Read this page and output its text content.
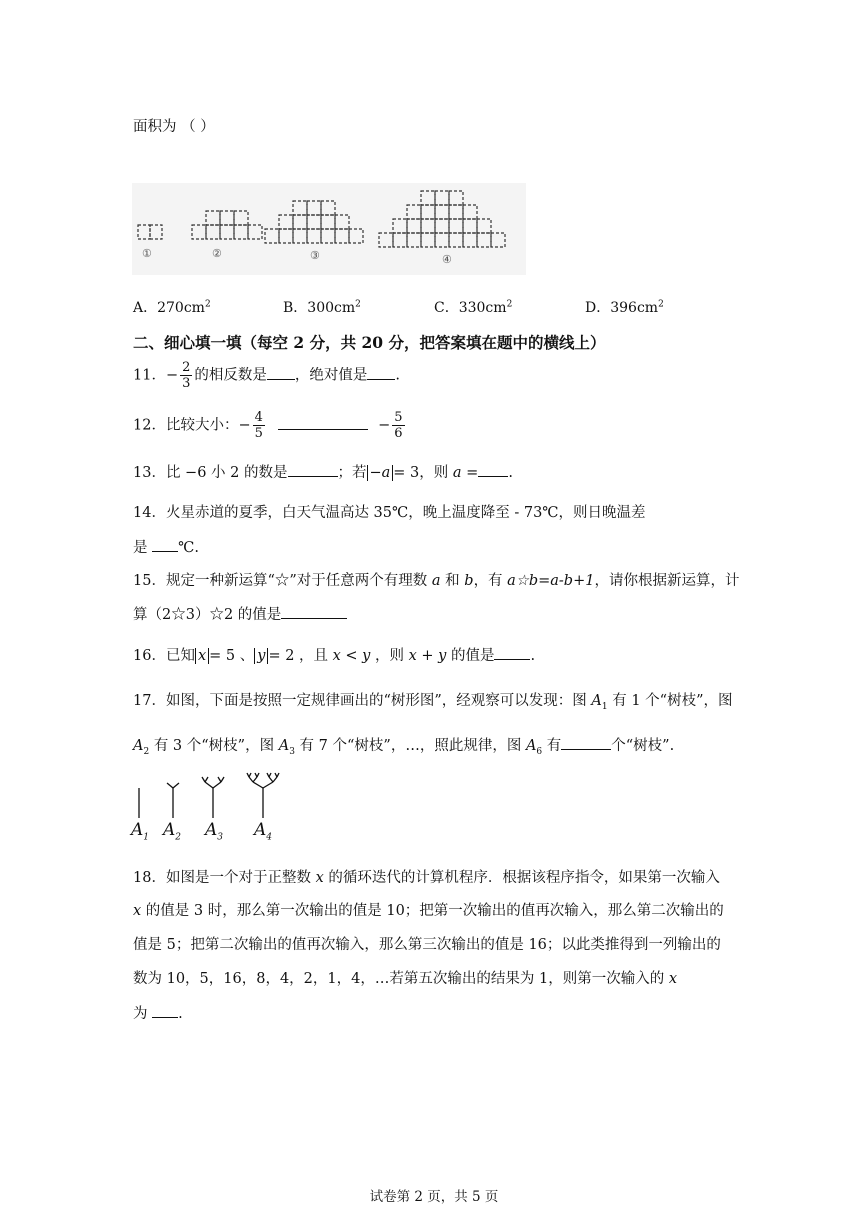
面积为 （ ）
①	②	③	④
A．$270cm^2$	B．$300cm^2$	C．$330cm^2$	D．$396cm^2$
二、细心填一填（每空 2 分，共 20 分，把答案填在题中的横线上）
11．− $\frac{2}{3}$ 的相反数是 ，绝对值是 .
12．比较大小：− $\frac{4}{5}$	− $\frac{5}{6}$
13．比 −6 小 2 的数是	；若 −a = 3，则 a = .
14．火星赤道的夏季，白天气温高达 35℃，晚上温度降至 - 73℃，则日晚温差
是 ℃.
15．规定一种新运算“☆”对于任意两个有理数 a 和 b，有 a☆b=a-b+1，请你根据新运算，计
算（2☆3）☆2 的值是
16．已知 x = 5 、 y = 2 ，且 x < y ，则 x + y 的值是 .
17．如图，下面是按照一定规律画出的“树形图”，经观察可以发现：图 $A_1$ 有 1 个“树枝”，图
$A_2$ 有 3 个“树枝”，图 $A_3$ 有 7 个“树枝”，…，照此规律，图 $A_6$ 有	个“树枝”.
$A_1$ $A_2$ $A_3$ $A_4$
18．如图是一个对于正整数 x 的循环迭代的计算机程序．根据该程序指令，如果第一次输入
x 的值是 3 时，那么第一次输出的值是 10；把第一次输出的值再次输入，那么第二次输出的
值是 5；把第二次输出的值再次输入，那么第三次输出的值是 16；以此类推得到一列输出的
数为 10，5，16，8，4，2，1，4，…若第五次输出的结果为 1，则第一次输入的 x
为 .
试卷第 2 页，共 5 页
